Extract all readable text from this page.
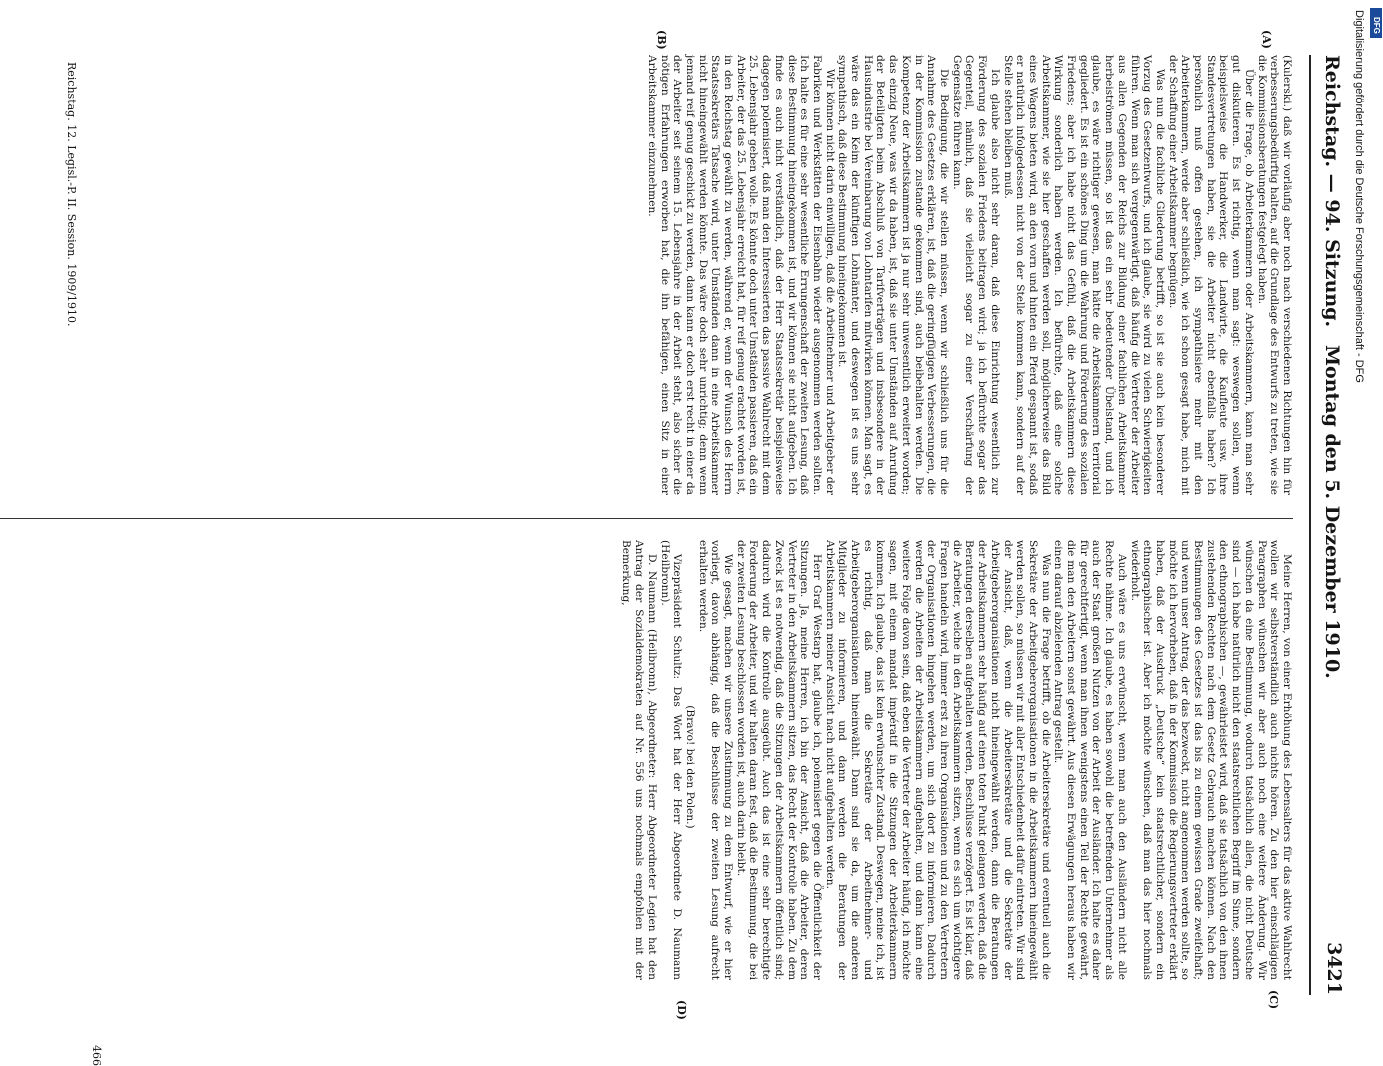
Reichstag. — 94. Sitzung.
Montag den 5. Dezember 1910.
3421
(A)
(B)
(C)
(D)

(Kulerski.) daß wir vorläufig aber noch nach verschiedenen Richtungen hin für verbesserungsbedürftig halten, auf die Grundlage des Entwurfs zu treten, wie sie die Kommissionsberatungen festgelegt haben.

Über die Frage, ob Arbeiterkammern oder Arbeitskammern, kann man sehr gut diskutieren. Es ist richtig, wenn man sagt: weswegen sollen, wenn beispielsweise die Handwerker, die Landwirte, die Kaufleute usw. ihre Standesvertretungen haben, sie die Arbeiter nicht ebenfalls haben? Ich persönlich muß offen gestehen, ich sympathisiere mehr mit den Arbeiterkammern, werde aber schließlich, wie ich schon gesagt habe, mich mit der Schaffung einer Arbeitskammer begnügen.

Was nun die fachliche Gliederung betrifft, so ist sie auch kein besonderer Vorzug des Gesetzentwurfs, und ich glaube, sie wird zu vielen Schwierigkeiten führen. Wenn man sich vergegenwärtigt, daß häufig die Vertreter der Arbeiter aus allen Gegenden der Reichs zur Bildung einer fachlichen Arbeitskammer herbeiströmen müssen, so ist das ein sehr bedeutender Übelstand, und ich glaube, es wäre richtiger gewesen, man hätte die Arbeitskammern territorial gegliedert. Es ist ein schönes Ding um die Wahrung und Förderung des sozialen Friedens; aber ich habe nicht das Gefühl, daß die Arbeitskammern diese Wirkung sonderlich haben werden. Ich befürchte, daß eine solche Arbeitskammer, wie sie hier geschaffen werden soll, möglicherweise das Bild eines Wagens bieten wird, an den vorn und hinten ein Pferd gespannt ist, sodaß er natürlich infolgedessen nicht von der Stelle kommen kann, sondern auf der Stelle stehen bleiben muß.

Ich glaube also nicht sehr daran, daß diese Einrichtung wesentlich zur Förderung des sozialen Friedens beitragen wird; ja ich befürchte sogar das Gegenteil, nämlich, daß sie vielleicht sogar zu einer Verschärfung der Gegensätze führen kann.

Die Bedingung, die wir stellen müssen, wenn wir schließlich uns für die Annahme des Gesetzes erklären, ist, daß die geringfügigen Verbesserungen, die in der Kommission zustande gekommen sind, auch beibehalten werden. Die Kompetenz der Arbeitskammern ist ja nur sehr unwesentlich erweitert worden; das einzig Neue, was wir da haben, ist, daß sie unter Umständen auf Anrufung der Beteiligten beim Abschluß von Tarifverträgen und insbesondere in der Hausindustrie bei Vereinbarung von Lohntarifen mitwirken können. Man sagt, es wäre das ein Keim der künftigen Lohnämter, und deswegen ist es uns sehr sympathisch, daß diese Bestimmung hineingekommen ist.

Wir können nicht darin einwilligen, daß die Arbeitnehmer und Arbeitgeber der Fabriken und Werkstätten der Eisenbahn wieder ausgenommen werden sollten. Ich halte es für eine sehr wesentliche Errungenschaft der zweiten Lesung, daß diese Bestimmung hineingekommen ist, und wir können sie nicht aufgeben. Ich finde es auch nicht verständlich, daß der Herr Staatssekretär beispielsweise dagegen polemisiert, daß man den Interessierten das passive Wahlrecht mit dem 25. Lebensjahr geben wolle. Es könnte doch unter Umständen passieren, daß ein Arbeiter, der das 25. Lebensjahr erreicht hat, für reif genug erachtet worden ist, in den Reichstag gewählt zu werden, während er, wenn der Wunsch des Herrn Staatssekretärs Tatsache wird, unter Umständen dann in eine Arbeitskammer nicht hineingewählt werden könnte. Das wäre doch sehr unrichtig; denn wenn jemand reif genug geschickt zu werden, dann kann er doch erst recht in einer da der Arbeiter seit seinem 15. Lebensjahre in der Arbeit steht, also sicher die nötigen Erfahrungen erworben hat, die ihn befähigen, einen Sitz in einer Arbeitskammer einzunehmen.

Meine Herren, von einer Erhöhung des Lebensalters für das aktive Wahlrecht wollen wir selbstverständlich auch nichts hören. Zu den hier einschlägigen Paragraphen wünschen wir aber auch noch eine weitere Änderung. Wir wünschen da eine Bestimmung, wodurch tatsächlich allen, die nicht Deutsche sind — ich habe natürlich nicht den staatsrechtlichen Begriff im Sinne, sondern den ethnographischen —, gewährleistet wird, daß sie tatsächlich von den ihnen zustehenden Rechten nach dem Gesetz Gebrauch machen können. Nach den Bestimmungen des Gesetzes ist das bis zu einem gewissen Grade zweifelhaft; und wenn unser Antrag, der das bezweckt, nicht angenommen werden sollte, so möchte ich hervorheben, daß in der Kommission die Regierungsvertreter erklärt haben, daß der Ausdruck „Deutsche“ kein staatsrechtlicher, sondern ein ethnographischer ist. Aber ich möchte wünschen, daß man das hier nochmals wiederholt.

Auch wäre es uns erwünscht, wenn man auch den Ausländern nicht alle Rechte nähme. Ich glaube, es haben sowohl die betreffenden Unternehmer als auch der Staat großen Nutzen von der Arbeit der Ausländer. Ich halte es daher für gerechtfertigt, wenn man ihnen wenigstens einen Teil der Rechte gewährt, die man den Arbeitern sonst gewährt. Aus diesen Erwägungen heraus haben wir einen darauf abzielenden Antrag gestellt.

Was nun die Frage betrifft, ob die Arbeitersekretäre und eventuell auch die Sekretäre der Arbeitgeberorganisationen in die Arbeitskammern hineingewählt werden sollen, so müssen wir mit aller Entschiedenheit dafür eintreten. Wir sind der Ansicht, daß, wenn die Arbeitersekretäre und die Sekretäre der Arbeitgeberorganisationen nicht hineingewählt werden, dann die Beratungen der Arbeitskammern sehr häufig auf einen toten Punkt gelangen werden, daß die Beratungen derselben aufgehalten werden, Beschlüsse verzögert. Es ist klar, daß die Arbeiter, welche in den Arbeitskammern sitzen, wenn es sich um wichtigere Fragen handeln wird, immer erst zu ihren Organisationen und zu den Vertretern der Organisationen hingehen werden, um sich dort zu informieren. Dadurch werden die Arbeiten der Arbeitskammern aufgehalten, und dann kann eine weitere Folge davon sein, daß eben die Vertreter der Arbeiter häufig, ich möchte sagen, mit einem mandat impératif in die Sitzungen der Arbeiterkammern kommen. Ich glaube, das ist kein erwünschter Zustand. Deswegen, meine ich, ist es richtig, daß man die Sekretäre der Arbeitnehmer- und Arbeitgeberorganisationen hineinwählt. Dann sind sie da, um die anderen Mitglieder zu informieren, und dann werden die Beratungen der Arbeitskammern meiner Ansicht nach nicht aufgehalten werden.

Herr Graf Westarp hat, glaube ich, polemisiert gegen die Öffentlichkeit der Sitzungen. Ja, meine Herren, ich bin der Ansicht, daß die Arbeiter, deren Vertreter in den Arbeitskammern sitzen, das Recht der Kontrolle haben. Zu dem Zweck ist es notwendig, daß die Sitzungen der Arbeitskammern öffentlich sind; dadurch wird die Kontrolle ausgeübt. Auch das ist eine sehr berechtigte Forderung der Arbeiter, und wir halten daran fest, daß die Bestimmung, die bei der zweiten Lesung beschlossen worden ist, auch darin bleibt.

Wie gesagt, machen wir unsere Zustimmung zu dem Entwurf, wie er hier vorliegt, davon abhängig, daß die Beschlüsse der zweiten Lesung aufrecht erhalten werden.

(Bravo! bei den Polen.)

Vizepräsident Schultz: Das Wort hat der Herr Abgeordnete D. Naumann (Heilbronn).

D. Naumann (Heilbronn), Abgeordneter: Herr Abgeordneter Legien hat den Antrag der Sozialdemokraten auf Nr. 556 uns nochmals empfohlen mit der Bemerkung,

Reichstag. 12. Legisl.-P. II. Session. 1909/1910.
466
Digitalisierung gefördert durch die Deutsche Forschungsgemeinschaft - DFG DFG
